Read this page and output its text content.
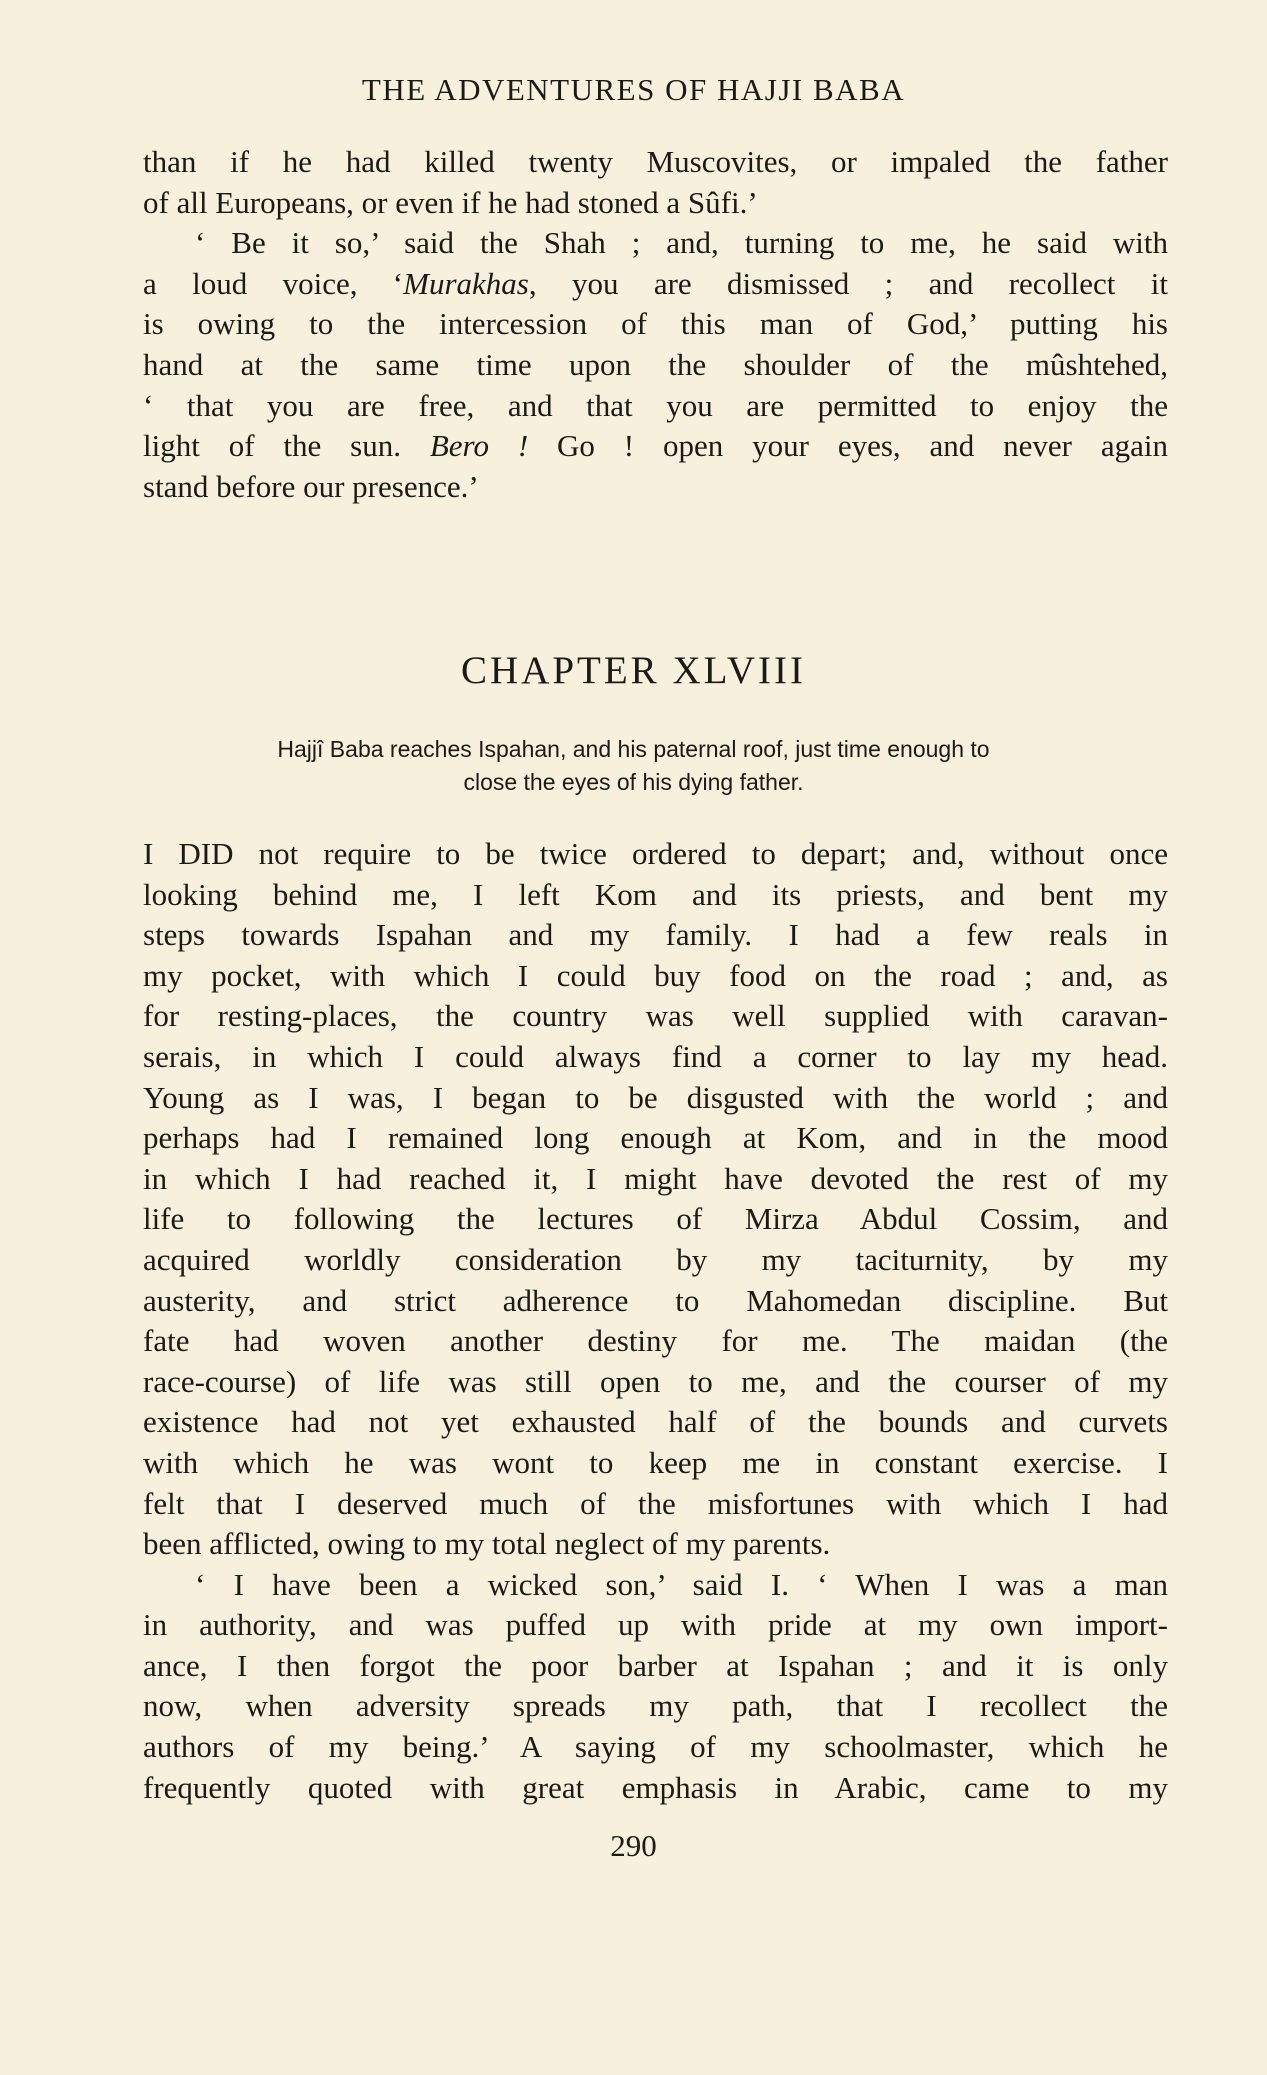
THE ADVENTURES OF HAJJI BABA
than if he had killed twenty Muscovites, or impaled the father
of all Europeans, or even if he had stoned a Sûfi.’
‘ Be it so,’ said the Shah ; and, turning to me, he said with
a loud voice, ‘Murakhas, you are dismissed ; and recollect it
is owing to the intercession of this man of God,’ putting his
hand at the same time upon the shoulder of the mûshtehed,
‘ that you are free, and that you are permitted to enjoy the
light of the sun. Bero ! Go ! open your eyes, and never again
stand before our presence.’
CHAPTER XLVIII
Hajjî Baba reaches Ispahan, and his paternal roof, just time enough to
close the eyes of his dying father.
I DID not require to be twice ordered to depart; and, without once
looking behind me, I left Kom and its priests, and bent my
steps towards Ispahan and my family. I had a few reals in
my pocket, with which I could buy food on the road ; and, as
for resting-places, the country was well supplied with caravan-
serais, in which I could always find a corner to lay my head.
Young as I was, I began to be disgusted with the world ; and
perhaps had I remained long enough at Kom, and in the mood
in which I had reached it, I might have devoted the rest of my
life to following the lectures of Mirza Abdul Cossim, and
acquired worldly consideration by my taciturnity, by my
austerity, and strict adherence to Mahomedan discipline. But
fate had woven another destiny for me. The maidan (the
race-course) of life was still open to me, and the courser of my
existence had not yet exhausted half of the bounds and curvets
with which he was wont to keep me in constant exercise. I
felt that I deserved much of the misfortunes with which I had
been afflicted, owing to my total neglect of my parents.
‘ I have been a wicked son,’ said I. ‘ When I was a man
in authority, and was puffed up with pride at my own import-
ance, I then forgot the poor barber at Ispahan ; and it is only
now, when adversity spreads my path, that I recollect the
authors of my being.’ A saying of my schoolmaster, which he
frequently quoted with great emphasis in Arabic, came to my
290
